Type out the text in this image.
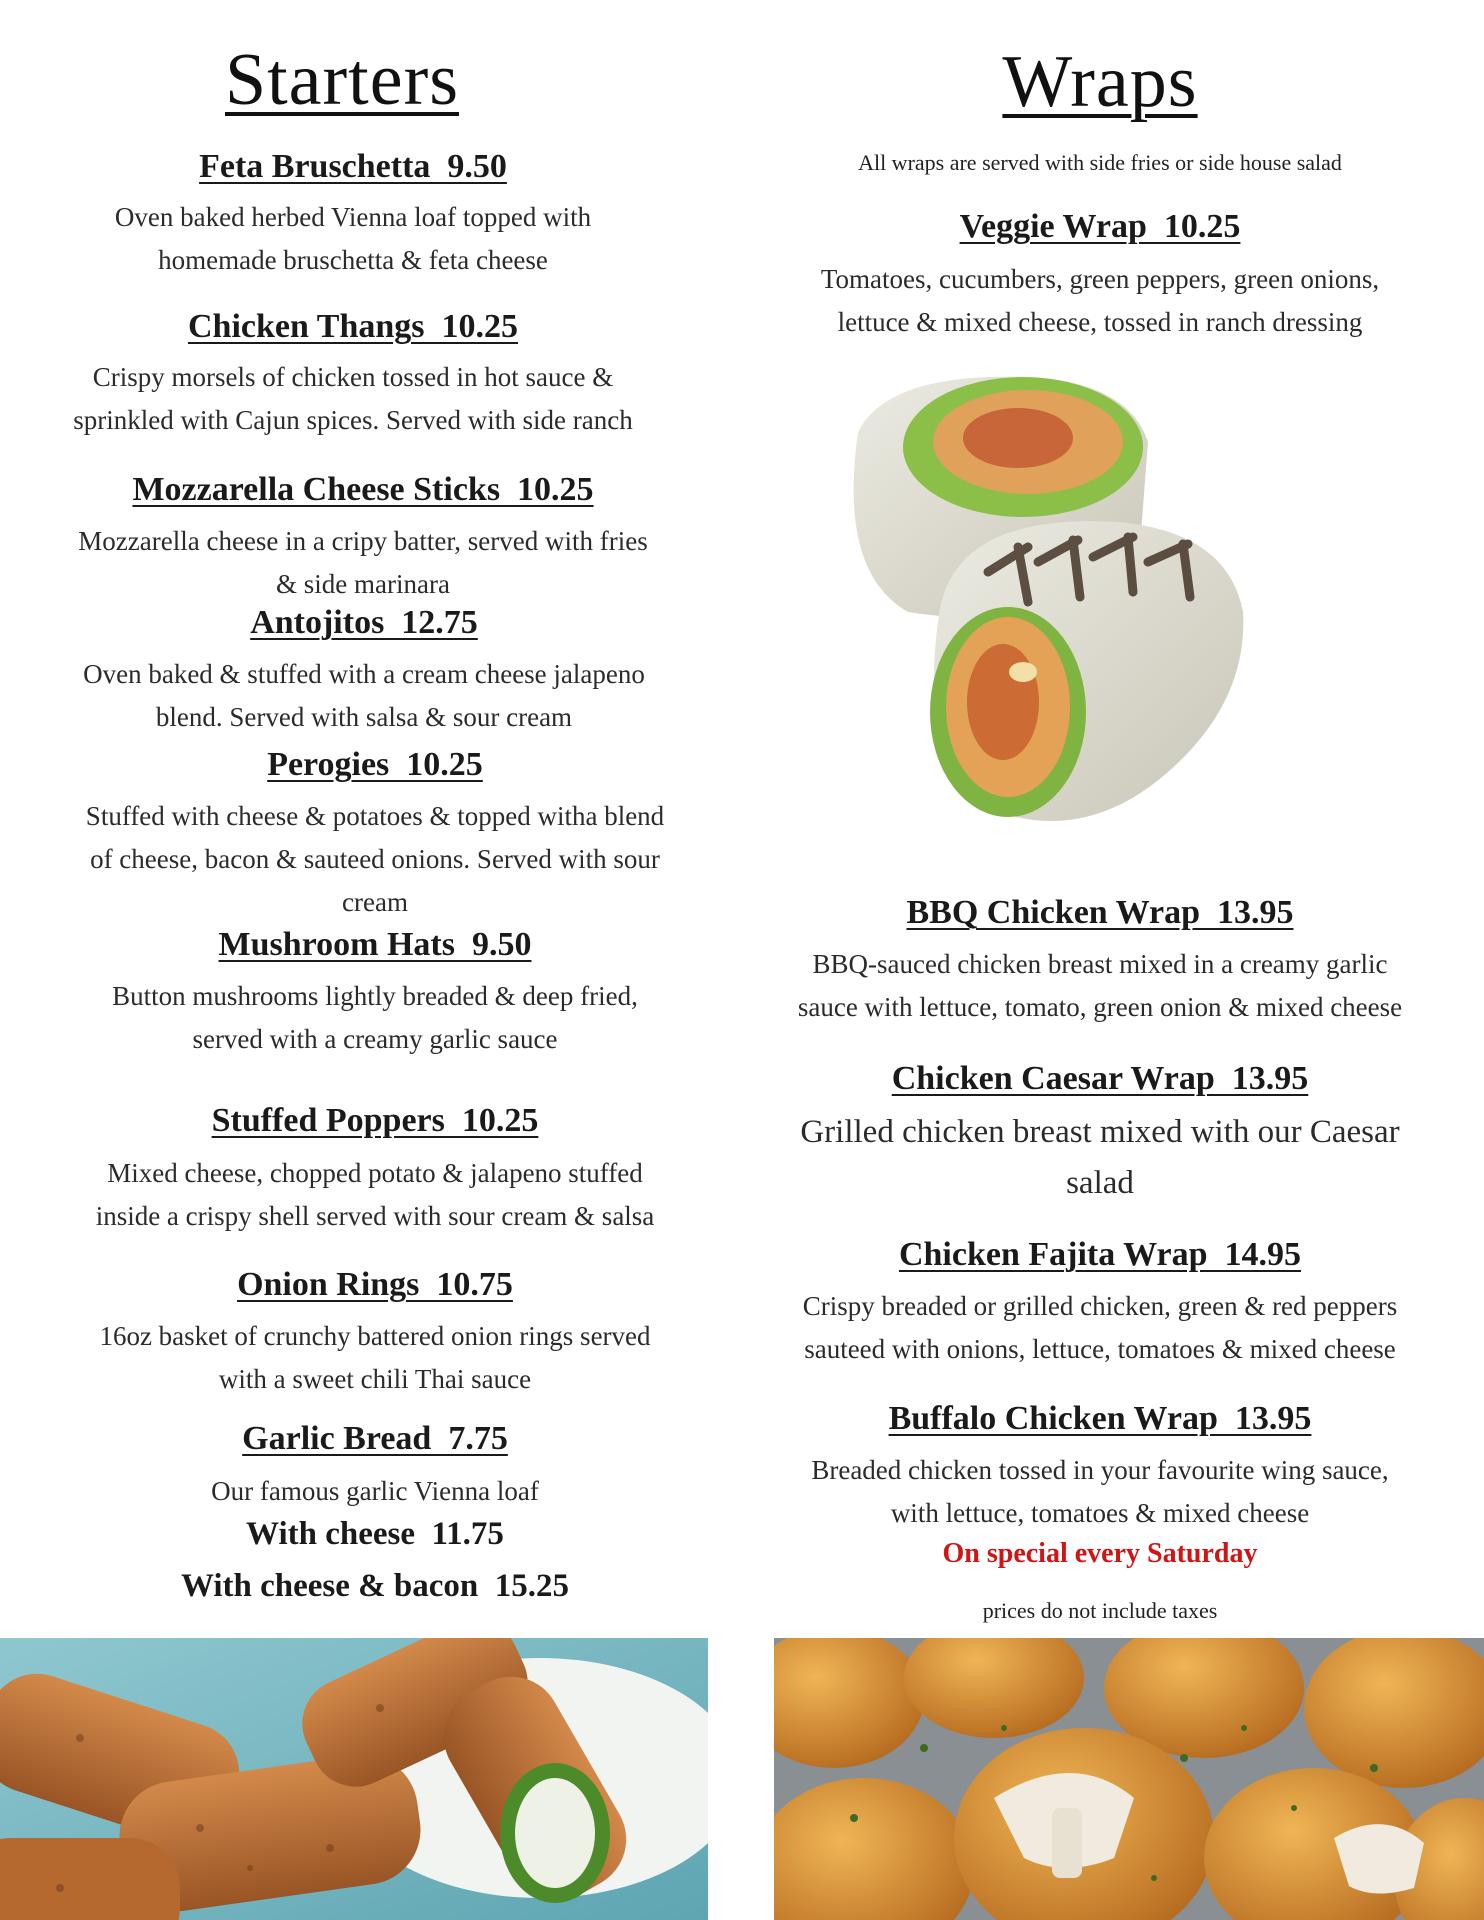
Starters
Feta Bruschetta  9.50
Oven baked herbed Vienna loaf topped with
homemade bruschetta & feta cheese
Chicken Thangs  10.25
Crispy morsels of chicken tossed in hot sauce &
sprinkled with Cajun spices. Served with side ranch
Mozzarella Cheese Sticks  10.25
Mozzarella cheese in a cripy batter, served with fries
& side marinara
Antojitos  12.75
Oven baked & stuffed with a cream cheese jalapeno
blend. Served with salsa & sour cream
Perogies  10.25
Stuffed with cheese & potatoes & topped witha blend
of cheese, bacon & sauteed onions. Served with sour
cream
Mushroom Hats  9.50
Button mushrooms lightly breaded & deep fried,
served with a creamy garlic sauce
Stuffed Poppers  10.25
Mixed cheese, chopped potato & jalapeno stuffed
inside a crispy shell served with sour cream & salsa
Onion Rings  10.75
16oz basket of crunchy battered onion rings served
with a sweet chili Thai sauce
Garlic Bread  7.75
Our famous garlic Vienna loaf
With cheese  11.75
With cheese & bacon  15.25
Wraps
All wraps are served with side fries or side house salad
Veggie Wrap  10.25
Tomatoes, cucumbers, green peppers, green onions,
lettuce & mixed cheese, tossed in ranch dressing
BBQ Chicken Wrap  13.95
BBQ-sauced chicken breast mixed in a creamy garlic
sauce with lettuce, tomato, green onion & mixed cheese
Chicken Caesar Wrap  13.95
Grilled chicken breast mixed with our Caesar
salad
Chicken Fajita Wrap  14.95
Crispy breaded or grilled chicken, green & red peppers
sauteed with onions, lettuce, tomatoes & mixed cheese
Buffalo Chicken Wrap  13.95
Breaded chicken tossed in your favourite wing sauce,
with lettuce, tomatoes & mixed cheese
On special every Saturday
prices do not include taxes
